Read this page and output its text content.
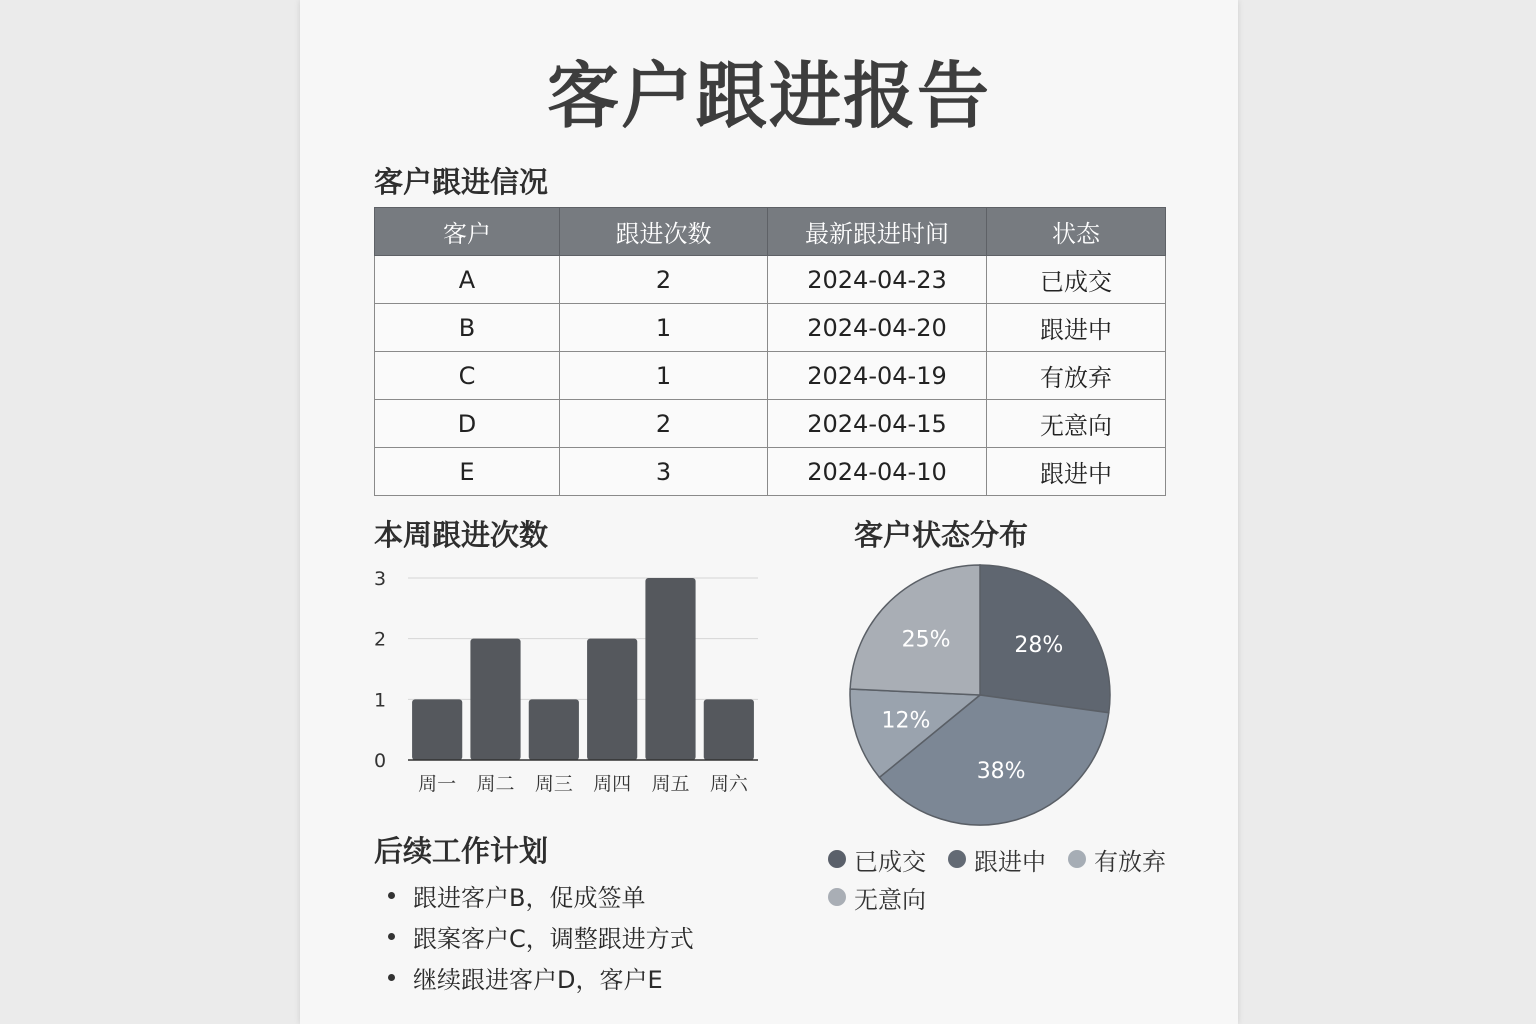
客户跟进报告
客户跟进信况
客户	跟进次数	最新跟进时间	状态
A	2	2024-04-23	已成交
B	1	2024-04-20	跟进中
C	1	2024-04-19	有放弃
D	2	2024-04-15	无意向
E	3	2024-04-10	跟进中
本周跟进次数	客户状态分布
0
1
2
3
周一 周二 周三 周四 周五 周六
28%
38%
12%
25%
已成交 跟进中 有放弃
无意向
后续工作计划
跟进客户B，促成签单
跟案客户C，调整跟进方式
继续跟进客户D，客户E
